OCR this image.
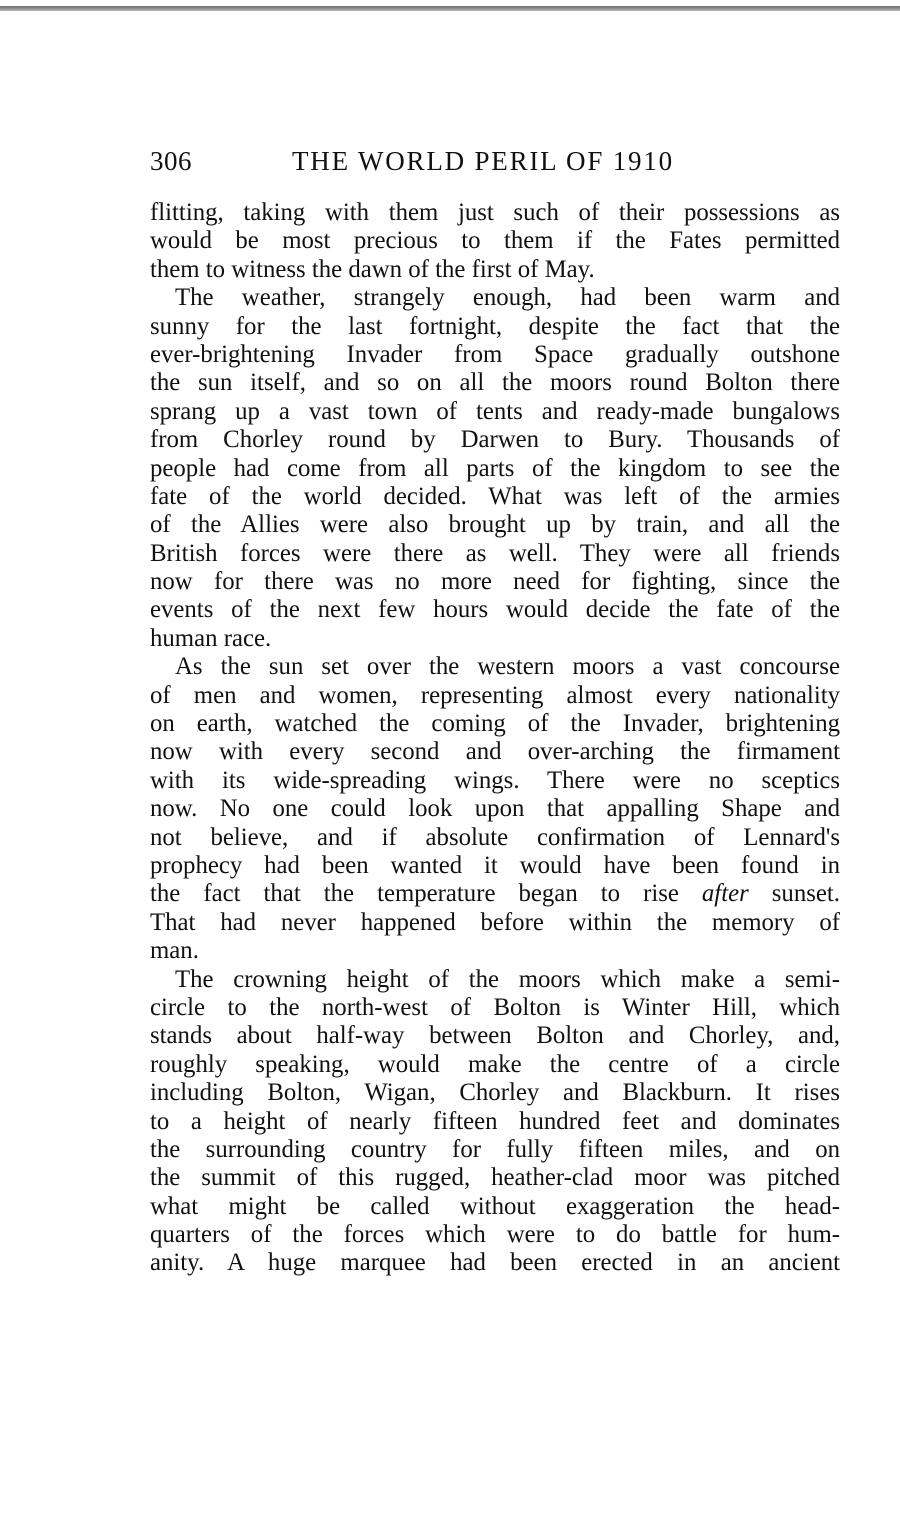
306	THE WORLD PERIL OF 1910
flitting, taking with them just such of their possessions as
would be most precious to them if the Fates permitted
them to witness the dawn of the first of May.
The weather, strangely enough, had been warm and
sunny for the last fortnight, despite the fact that the
ever-brightening Invader from Space gradually outshone
the sun itself, and so on all the moors round Bolton there
sprang up a vast town of tents and ready-made bungalows
from Chorley round by Darwen to Bury. Thousands of
people had come from all parts of the kingdom to see the
fate of the world decided. What was left of the armies
of the Allies were also brought up by train, and all the
British forces were there as well. They were all friends
now for there was no more need for fighting, since the
events of the next few hours would decide the fate of the
human race.
As the sun set over the western moors a vast concourse
of men and women, representing almost every nationality
on earth, watched the coming of the Invader, brightening
now with every second and over-arching the firmament
with its wide-spreading wings. There were no sceptics
now. No one could look upon that appalling Shape and
not believe, and if absolute confirmation of Lennard's
prophecy had been wanted it would have been found in
the fact that the temperature began to rise after sunset.
That had never happened before within the memory of
man.
The crowning height of the moors which make a semi-
circle to the north-west of Bolton is Winter Hill, which
stands about half-way between Bolton and Chorley, and,
roughly speaking, would make the centre of a circle
including Bolton, Wigan, Chorley and Blackburn. It rises
to a height of nearly fifteen hundred feet and dominates
the surrounding country for fully fifteen miles, and on
the summit of this rugged, heather-clad moor was pitched
what might be called without exaggeration the head-
quarters of the forces which were to do battle for hum-
anity. A huge marquee had been erected in an ancient
